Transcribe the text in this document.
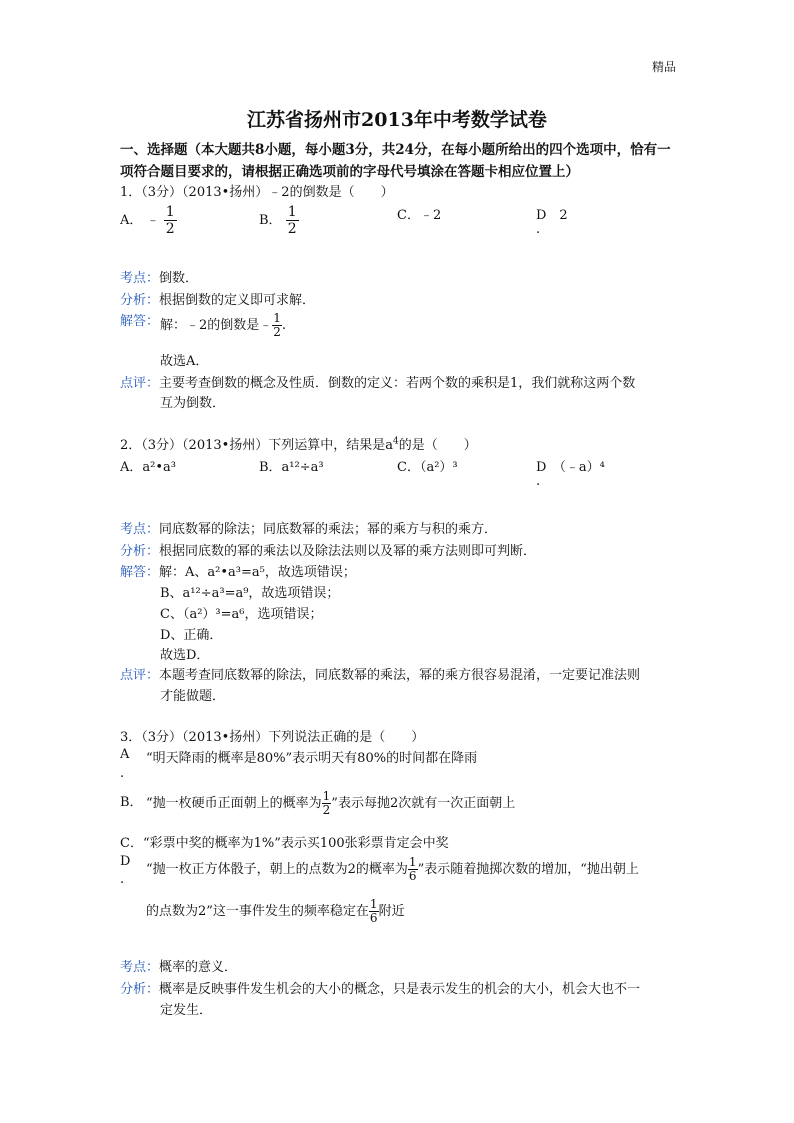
精品
江苏省扬州市2013年中考数学试卷
一、选择题（本大题共8小题，每小题3分，共24分，在每小题所给出的四个选项中，恰有一项符合题目要求的，请根据正确选项前的字母代号填涂在答题卡相应位置上）
1．（3分）（2013•扬州）﹣2的倒数是（　　）
A． ﹣ $\frac{1}{2}$	B． $\frac{1}{2}$	C．﹣2	D　2
.
考点：倒数．
分析：根据倒数的定义即可求解．
解答： 解：﹣2的倒数是﹣ $\frac{1}{2}$ .
故选A．
点评：主要考查倒数的概念及性质．倒数的定义：若两个数的乘积是1，我们就称这两个数
互为倒数．
2．（3分）（2013•扬州）下列运算中，结果是$a^4$的是（　　）
A．a²•a³	B．a¹²÷a³	C．（a²）³	D　（﹣a）⁴
.
考点：同底数幂的除法；同底数幂的乘法；幂的乘方与积的乘方．
分析：根据同底数的幂的乘法以及除法法则以及幂的乘方法则即可判断．
解答：解：A、a²•a³=a⁵，故选项错误；
B、a¹²÷a³=a⁹，故选项错误；
C、（a²）³=a⁶，选项错误；
D、正确．
故选D．
点评：本题考查同底数幂的除法，同底数幂的乘法，幂的乘方很容易混淆，一定要记准法则
才能做题．
3．（3分）（2013•扬州）下列说法正确的是（　　）
A
.
“明天降雨的概率是80%”表示明天有80%的时间都在降雨
B． “抛一枚硬币正面朝上的概率为 $\frac{1}{2}$ ”表示每抛2次就有一次正面朝上
C．“彩票中奖的概率为1%”表示买100张彩票肯定会中奖
D
.
“抛一枚正方体骰子，朝上的点数为2的概率为 $\frac{1}{6}$ ”表示随着抛掷次数的增加，“抛出朝上
的点数为2”这一事件发生的频率稳定在 $\frac{1}{6}$ 附近
考点：概率的意义．
分析：概率是反映事件发生机会的大小的概念，只是表示发生的机会的大小，机会大也不一
定发生．
